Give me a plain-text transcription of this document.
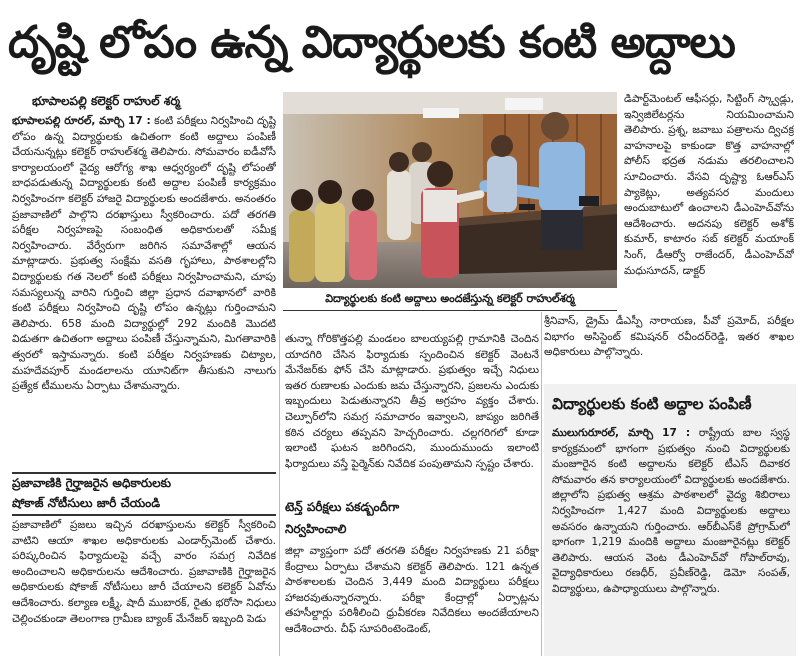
దృష్టి లోపం ఉన్న విద్యార్థులకు కంటి అద్దాలు
భూపాలపల్లి కలెక్టర్ రాహుల్ శర్మ

భూపాలపల్లి రూరల్, మార్చి 17 : కంటి పరీక్షలు నిర్వహించి దృష్టి లోపం ఉన్న విద్యార్థులకు ఉచితంగా కంటి అద్దాలు పంపిణీ చేయనున్నట్లు కలెక్టర్ రాహుల్‌శర్మ తెలిపారు. సోమవారం ఐడీవోసీ కార్యాలయంలో వైద్య ఆరోగ్య శాఖ ఆధ్వర్యంలో దృష్టి లోపంతో బాధపడుతున్న విద్యార్థులకు కంటి అద్దాల పంపిణీ కార్యక్రమం నిర్వహించగా కలెక్టర్ హాజరై విద్యార్థులకు అందజేశారు. అనంతరం ప్రజావాణిలో పాల్గొని దరఖాస్తులు స్వీకరించారు. పదో తరగతి పరీక్షల నిర్వహణపై సంబంధిత అధికారులతో సమీక్ష నిర్వహించారు. వేర్వేరుగా జరిగిన సమావేశాల్లో ఆయన మాట్లాడారు. ప్రభుత్వ సంక్షేమ వసతి గృహాలు, పాఠశాలల్లోని విద్యార్థులకు గత నెలలో కంటి పరీక్షలు నిర్వహించామని, చూపు సమస్యలున్న వారిని గుర్తించి జిల్లా ప్రధాన దవాఖానలో వారికి కంటి పరీక్షలు నిర్వహించి దృష్టి లోపం ఉన్నట్లు గుర్తించామని తెలిపారు. 658 మంది విద్యార్థుల్లో 292 మందికి మొదటి విడుతగా ఉచితంగా అద్దాలు పంపిణీ చేస్తున్నామని, మిగతావారికి త్వరలో ఇస్తామన్నారు. కంటి పరీక్షల నిర్వహణకు చిట్యాల, మహదేవపూర్ మండలాలను యూనిట్‌గా తీసుకుని నాలుగు ప్రత్యేక టీములను ఏర్పాటు చేశామన్నారు.

ప్రజావాణికి గైర్హాజరైన అధికారులకు
షోకాజ్ నోటీసులు జారీ చేయండి

ప్రజావాణిలో ప్రజలు ఇచ్చిన దరఖాస్తులను కలెక్టర్ స్వీకరించి వాటిని ఆయా శాఖల అధికారులకు ఎండార్స్‌మెంట్ చేశారు. పరిష్కరించిన ఫిర్యాదులపై వచ్చే వారం సమగ్ర నివేదిక అందించాలని అధికారులను ఆదేశించారు. ప్రజావాణికి గైర్హాజరైన అధికారులకు షోకాజ్ నోటీసులు జారీ చేయాలని కలెక్టర్ ఏవోను ఆదేశించారు. కల్యాణ లక్ష్మీ, షాదీ ముబారక్, రైతు భరోసా నిధులు చెల్లించకుండా తెలంగాణ గ్రామీణ బ్యాంక్ మేనేజర్ ఇబ్బంది పెడు

విద్యార్థులకు కంటి అద్దాలు అందజేస్తున్న కలెక్టర్ రాహుల్‌శర్మ

తున్నా గోరికొత్తపల్లి మండలం బాలయ్యపల్లి గ్రామానికి చెందిన యాదగిరి చేసిన ఫిర్యాదుకు స్పందించిన కలెక్టర్ వెంటనే మేనేజర్‌కు ఫోన్ చేసి మాట్లాడారు. ప్రభుత్వం ఇచ్చే నిధులు ఇతర రుణాలకు ఎందుకు జమ చేస్తున్నారని, ప్రజలను ఎందుకు ఇబ్బందులు పెడుతున్నారని తీవ్ర అగ్రహం వ్యక్తం చేశారు. చెల్పూర్‌లోని సమగ్ర సమాచారం ఇవ్వాలని, జాప్యం జరిగితే కఠిన చర్యలు తప్పవని హెచ్చరించారు. చల్లగరిగలో కూడా ఇలాంటి ఘటన జరిగిందని, ముందుముందు ఇలాంటి ఫిర్యాదులు వస్తే పైర్మెన్‌కు నివేదిక పంపుతామని స్పష్టం చేశారు.

టెన్త్ పరీక్షలు పకడ్బందీగా
నిర్వహించాలి

జిల్లా వ్యాప్తంగా పదో తరగతి పరీక్షల నిర్వహణకు 21 పరీక్షా కేంద్రాలు ఏర్పాటు చేశామని కలెక్టర్ తెలిపారు. 121 ఉన్నత పాఠశాలలకు చెందిన 3,449 మంది విద్యార్థులు పరీక్షలు హాజరవుతున్నారన్నారు. పరీక్షా కేంద్రాల్లో ఏర్పాట్లను తహసీల్దార్లు పరిశీలించి ధ్రువీకరణ నివేదికలు అందజేయాలని ఆదేశించారు. చీఫ్ సూపరింటెండెంట్,

డిపార్ట్‌మెంటల్ ఆఫీసర్లు, సిట్టింగ్ స్క్వాడ్లు, ఇన్విజిలేటర్లను నియమించామని తెలిపారు. ప్రశ్న, జవాబు పత్రాలను ద్విచక్ర వాహనాలపై కాకుండా కొత్త వాహనాల్లో పోలీస్ భద్రత నడుమ తరలించాలని సూచించారు. వేసవి దృష్ట్యా ఓఆర్ఎస్ ప్యాకెట్లు, అత్యవసర మందులు అందుబాటులో ఉంచాలని డీఎంహెచ్‌వోను ఆదేశించారు. అదనపు కలెక్టర్ అశోక్ కుమార్, కాటారం సబ్ కలెక్టర్ మయాంక్ సింగ్, డీఆర్వో రాజేందర్, డీఎంహెచ్‌వో మధుసూదన్, డాక్టర్

శ్రీనివాస్, డ్రైమ్ డీఎస్పీ నారాయణ, పీవో ప్రమోద్, పరీక్షల విభాగం అసిస్టెంట్ కమిషనర్ రవీందర్‌రెడ్డి, ఇతర శాఖల అధికారులు పాల్గొన్నారు.

విద్యార్థులకు కంటి అద్దాల పంపిణీ

ములుగురూరల్, మార్చి 17 : రాష్ట్రీయ బాల స్వస్థ కార్యక్రమంలో భాగంగా ప్రభుత్వం నుంచి విద్యార్థులకు మంజూరైన కంటి అద్దాలను కలెక్టర్ టీఎస్ దివాకర సోమవారం తన కార్యాలయంలో విద్యార్థులకు అందజేశారు. జిల్లాలోని ప్రభుత్వ ఆశ్రమ పాఠశాలలో వైద్య శిబిరాలు నిర్వహించగా 1,427 మంది విద్యార్థులకు అద్దాలు అవసరం ఉన్నాయని గుర్తించారు. ఆర్‌బీఎస్‌కే ప్రోగ్రామ్‌లో భాగంగా 1,219 మందికి అద్దాలు మంజూరైనట్లు కలెక్టర్ తెలిపారు. ఆయన వెంట డీఎంహెచ్‌వో గోపాల్‌రావు, వైద్యాధికారులు రణధీర్, ప్రవీణ్‌రెడ్డి, డెమో సంపత్, విద్యార్థులు, ఉపాధ్యాయులు పాల్గొన్నారు.
